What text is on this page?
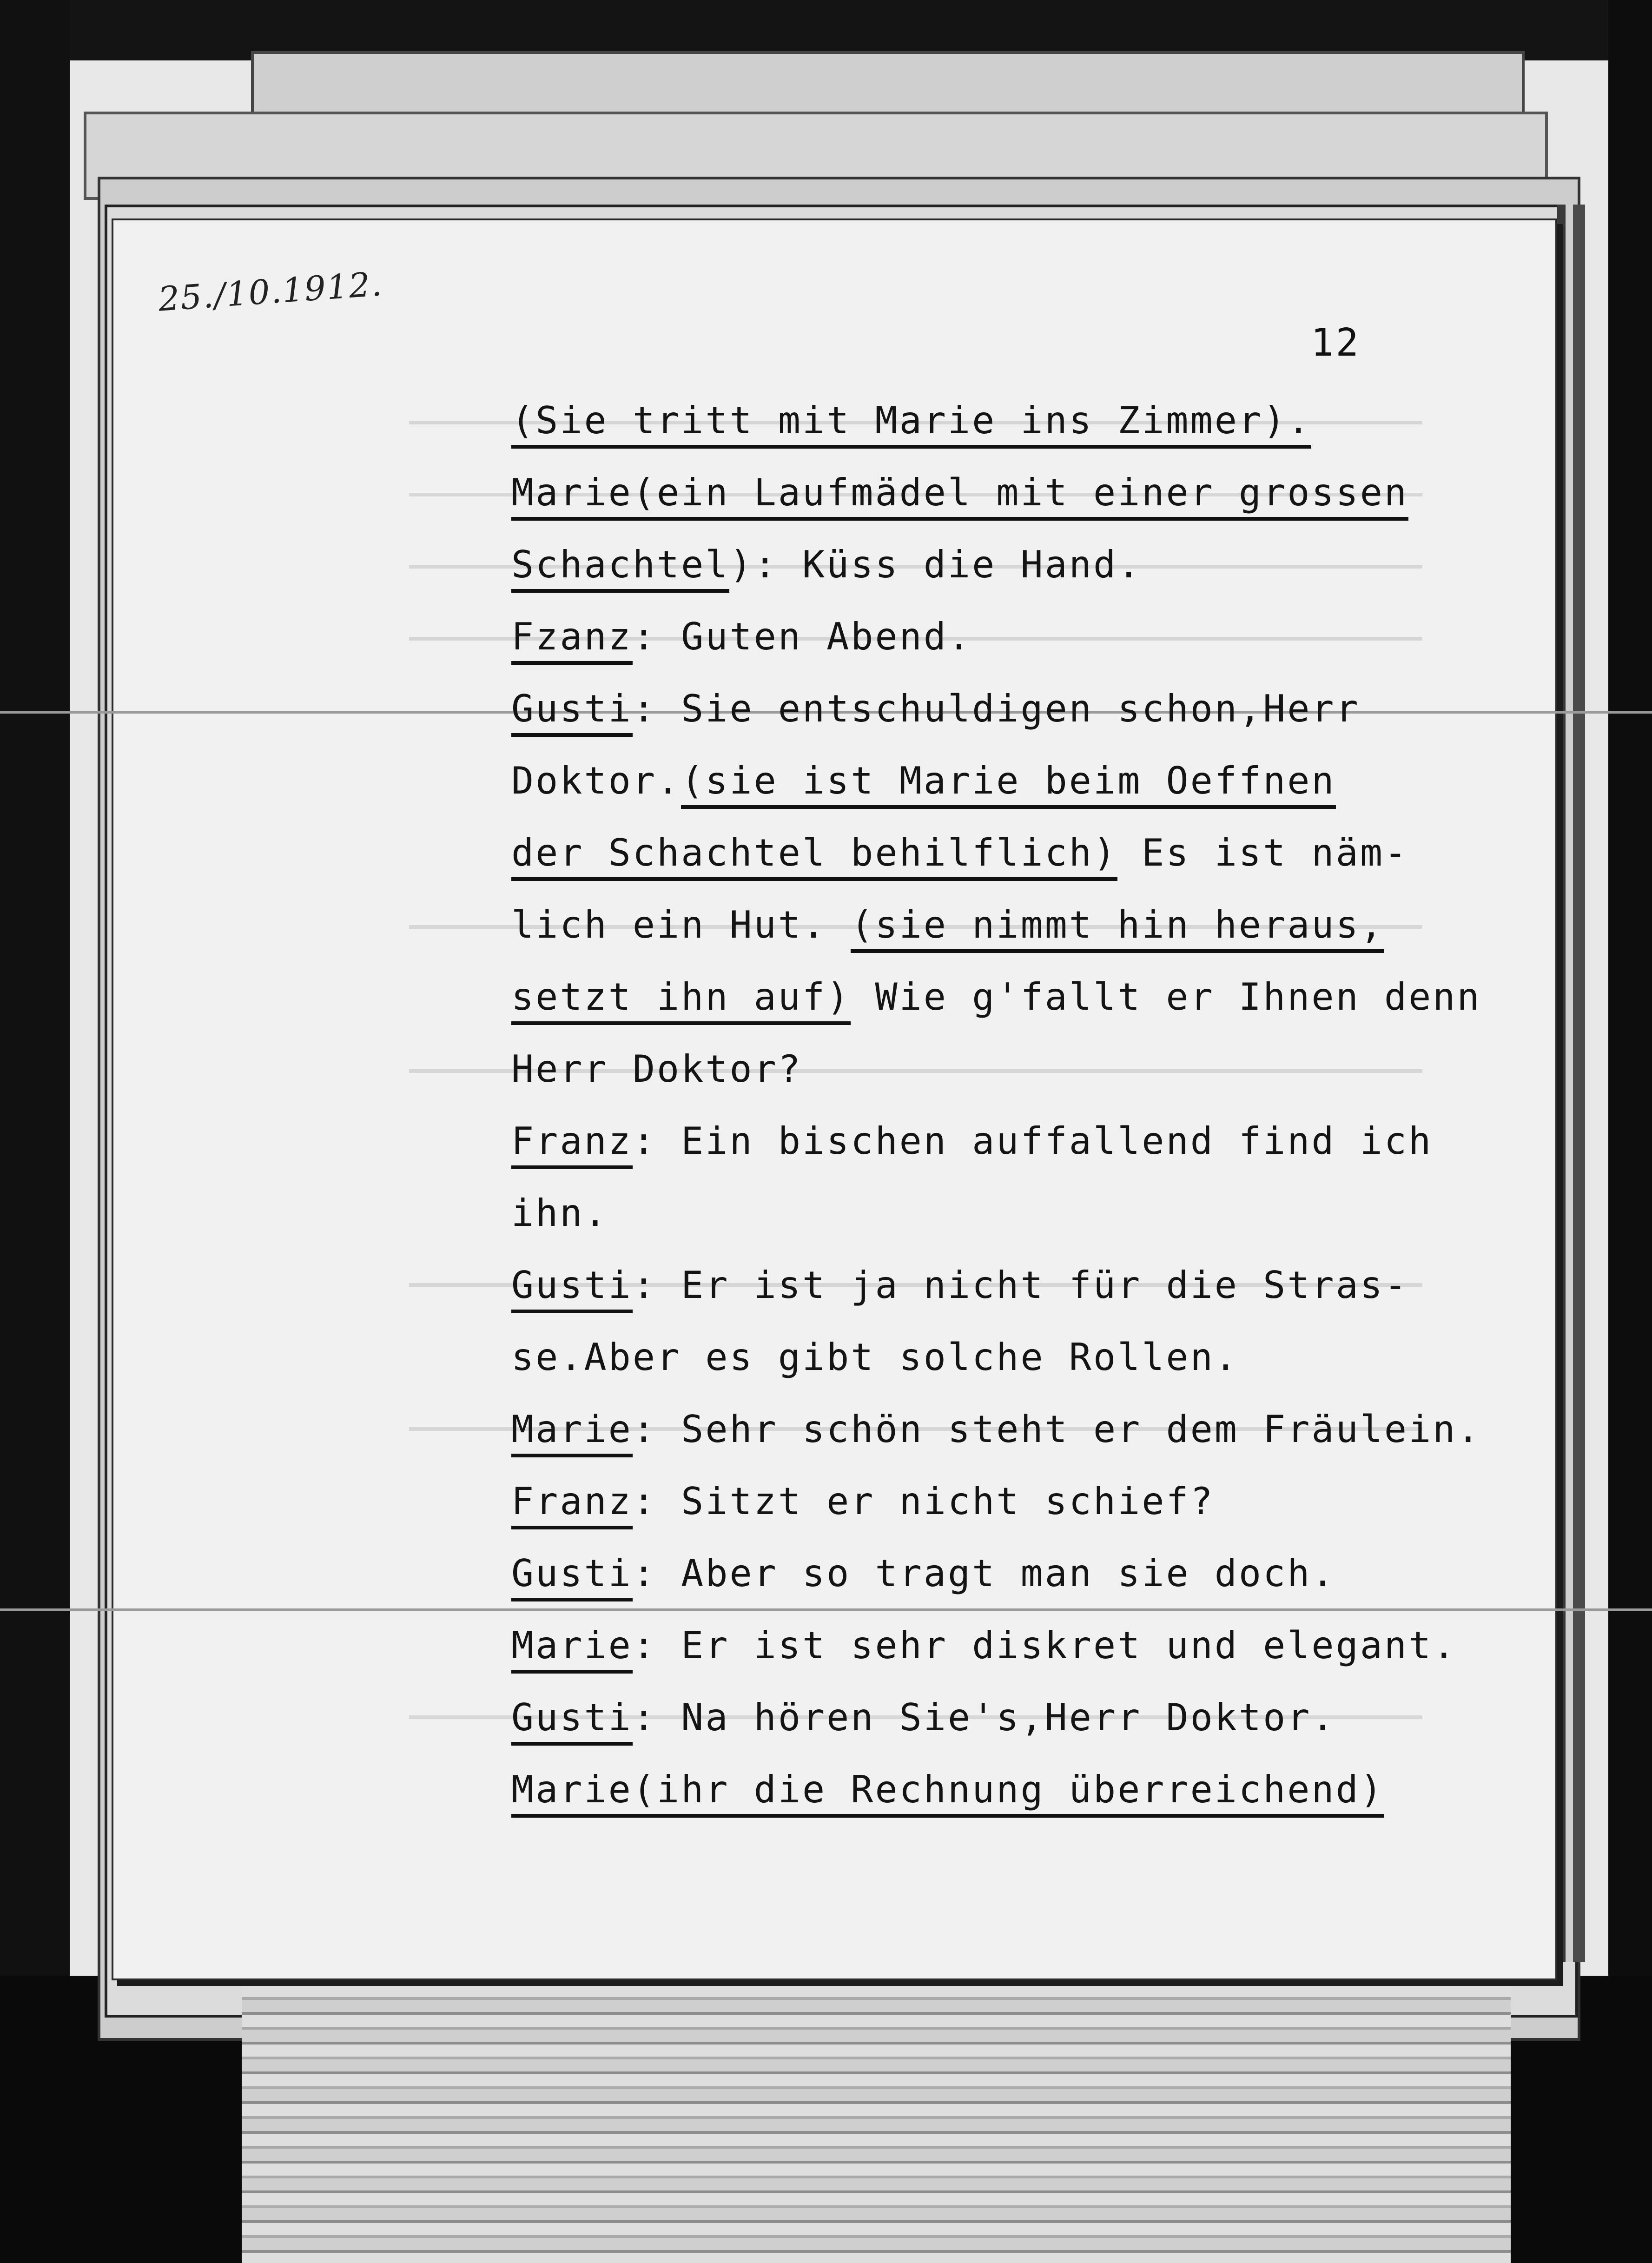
25./10.1912.
12
(Sie tritt mit Marie ins Zimmer).
Marie(ein Laufmädel mit einer grossen
Schachtel): Küss die Hand.
Fzanz: Guten Abend.
Gusti: Sie entschuldigen schon,Herr
Doktor.(sie ist Marie beim Oeffnen
der Schachtel behilflich) Es ist näm-
lich ein Hut. (sie nimmt hin heraus,
setzt ihn auf) Wie g'fallt er Ihnen denn
Herr Doktor?
Franz: Ein bischen auffallend find ich
ihn.
Gusti: Er ist ja nicht für die Stras-
se.Aber es gibt solche Rollen.
Marie: Sehr schön steht er dem Fräulein.
Franz: Sitzt er nicht schief?
Gusti: Aber so tragt man sie doch.
Marie: Er ist sehr diskret und elegant.
Gusti: Na hören Sie's,Herr Doktor.
Marie(ihr die Rechnung überreichend)
